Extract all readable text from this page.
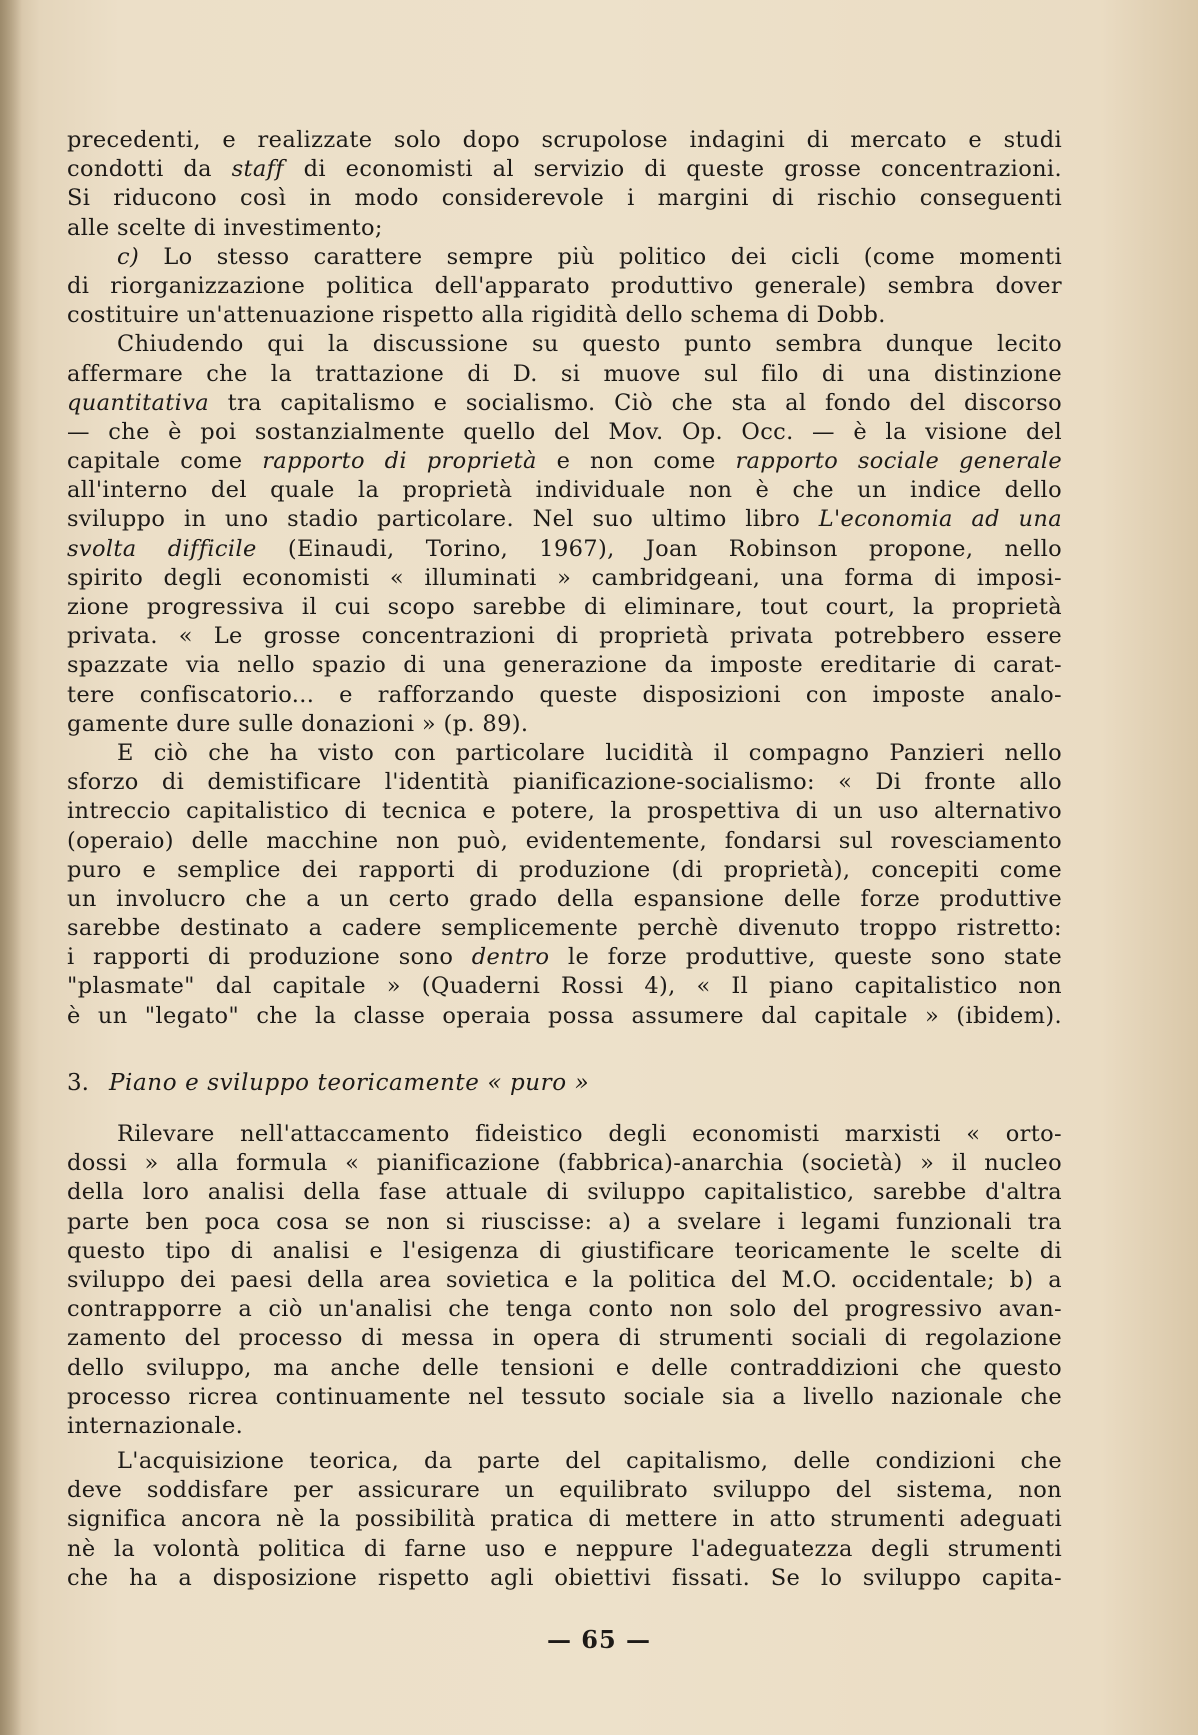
precedenti, e realizzate solo dopo scrupolose indagini di mercato e studi
condotti da staff di economisti al servizio di queste grosse concentrazioni.
Si riducono così in modo considerevole i margini di rischio conseguenti
alle scelte di investimento;
c) Lo stesso carattere sempre più politico dei cicli (come momenti
di riorganizzazione politica dell'apparato produttivo generale) sembra dover
costituire un'attenuazione rispetto alla rigidità dello schema di Dobb.
Chiudendo qui la discussione su questo punto sembra dunque lecito
affermare che la trattazione di D. si muove sul filo di una distinzione
quantitativa tra capitalismo e socialismo. Ciò che sta al fondo del discorso
— che è poi sostanzialmente quello del Mov. Op. Occ. — è la visione del
capitale come rapporto di proprietà e non come rapporto sociale generale
all'interno del quale la proprietà individuale non è che un indice dello
sviluppo in uno stadio particolare. Nel suo ultimo libro L'economia ad una
svolta difficile (Einaudi, Torino, 1967), Joan Robinson propone, nello
spirito degli economisti « illuminati » cambridgeani, una forma di imposi-
zione progressiva il cui scopo sarebbe di eliminare, tout court, la proprietà
privata. « Le grosse concentrazioni di proprietà privata potrebbero essere
spazzate via nello spazio di una generazione da imposte ereditarie di carat-
tere confiscatorio... e rafforzando queste disposizioni con imposte analo-
gamente dure sulle donazioni » (p. 89).
E ciò che ha visto con particolare lucidità il compagno Panzieri nello
sforzo di demistificare l'identità pianificazione-socialismo: « Di fronte allo
intreccio capitalistico di tecnica e potere, la prospettiva di un uso alternativo
(operaio) delle macchine non può, evidentemente, fondarsi sul rovesciamento
puro e semplice dei rapporti di produzione (di proprietà), concepiti come
un involucro che a un certo grado della espansione delle forze produttive
sarebbe destinato a cadere semplicemente perchè divenuto troppo ristretto:
i rapporti di produzione sono dentro le forze produttive, queste sono state
"plasmate" dal capitale » (Quaderni Rossi 4), « Il piano capitalistico non
è un "legato" che la classe operaia possa assumere dal capitale » (ibidem).
3. Piano e sviluppo teoricamente « puro »
Rilevare nell'attaccamento fideistico degli economisti marxisti « orto-
dossi » alla formula « pianificazione (fabbrica)-anarchia (società) » il nucleo
della loro analisi della fase attuale di sviluppo capitalistico, sarebbe d'altra
parte ben poca cosa se non si riuscisse: a) a svelare i legami funzionali tra
questo tipo di analisi e l'esigenza di giustificare teoricamente le scelte di
sviluppo dei paesi della area sovietica e la politica del M.O. occidentale; b) a
contrapporre a ciò un'analisi che tenga conto non solo del progressivo avan-
zamento del processo di messa in opera di strumenti sociali di regolazione
dello sviluppo, ma anche delle tensioni e delle contraddizioni che questo
processo ricrea continuamente nel tessuto sociale sia a livello nazionale che
internazionale.
L'acquisizione teorica, da parte del capitalismo, delle condizioni che
deve soddisfare per assicurare un equilibrato sviluppo del sistema, non
significa ancora nè la possibilità pratica di mettere in atto strumenti adeguati
nè la volontà politica di farne uso e neppure l'adeguatezza degli strumenti
che ha a disposizione rispetto agli obiettivi fissati. Se lo sviluppo capita-
— 65 —
